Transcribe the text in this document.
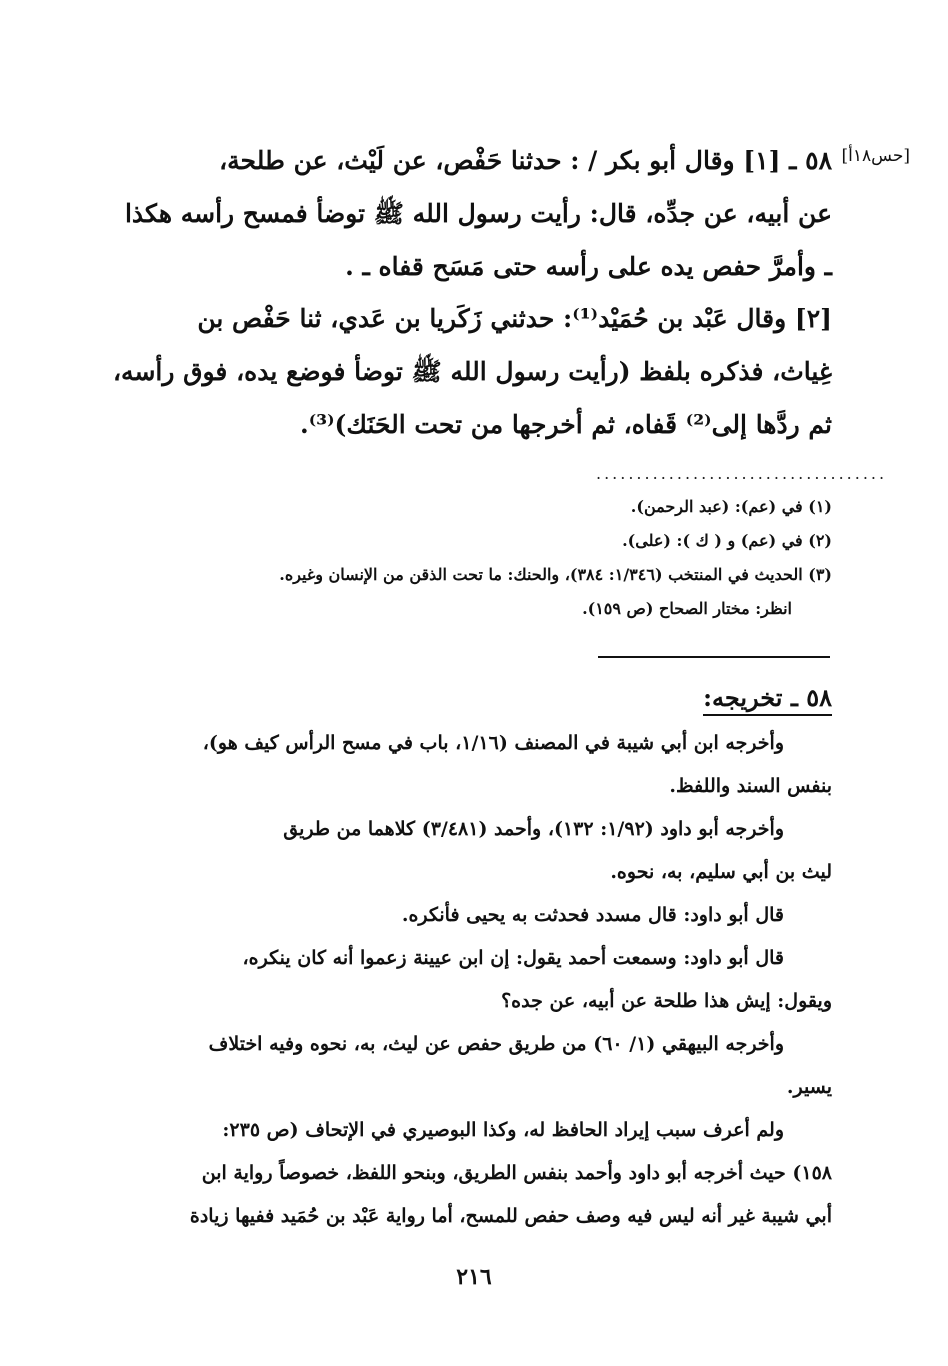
[حس١٨أ]
٥٨ ـ [١] وقال أبو بكر / : حدثنا حَفْص، عن لَيْث، عن طلحة،
عن أبيه، عن جدِّه، قال: رأيت رسول الله ﷺ توضأ فمسح رأسه هكذا
ـ وأمرَّ حفص يده على رأسه حتى مَسَح قفاه ـ .
[٢] وقال عَبْد بن حُمَيْد⁽¹⁾: حدثني زَكَريا بن عَدي، ثنا حَفْص بن
غِياث، فذكره بلفظ (رأيت رسول الله ﷺ توضأ فوضع يده، فوق رأسه،
ثم ردَّها إلى⁽²⁾ قَفاه، ثم أخرجها من تحت الحَنَك)⁽³⁾.
....................................
(١) في (عم): (عبد الرحمن).
(٢) في (عم) و ( ك ): (على).
(٣) الحديث في المنتخب (١/٣٤٦: ٣٨٤)، والحنك: ما تحت الذقن من الإنسان وغيره.
انظر: مختار الصحاح (ص ١٥٩).
٥٨ ـ تخريجه:
وأخرجه ابن أبي شيبة في المصنف (١/١٦، باب في مسح الرأس كيف هو)،
بنفس السند واللفظ.
وأخرجه أبو داود (١/٩٢: ١٣٢)، وأحمد (٣/٤٨١) كلاهما من طريق
ليث بن أبي سليم، به، نحوه.
قال أبو داود: قال مسدد فحدثت به يحيى فأنكره.
قال أبو داود: وسمعت أحمد يقول: إن ابن عيينة زعموا أنه كان ينكره،
ويقول: إيش هذا طلحة عن أبيه، عن جده؟
وأخرجه البيهقي (١/ ٦٠) من طريق حفص عن ليث، به، نحوه وفيه اختلاف
يسير.
ولم أعرف سبب إيراد الحافظ له، وكذا البوصيري في الإتحاف (ص ٢٣٥:
١٥٨) حيث أخرجه أبو داود وأحمد بنفس الطريق، وبنحو اللفظ، خصوصاً رواية ابن
أبي شيبة غير أنه ليس فيه وصف حفص للمسح، أما رواية عَبْد بن حُمَيد ففيها زيادة
٢١٦
